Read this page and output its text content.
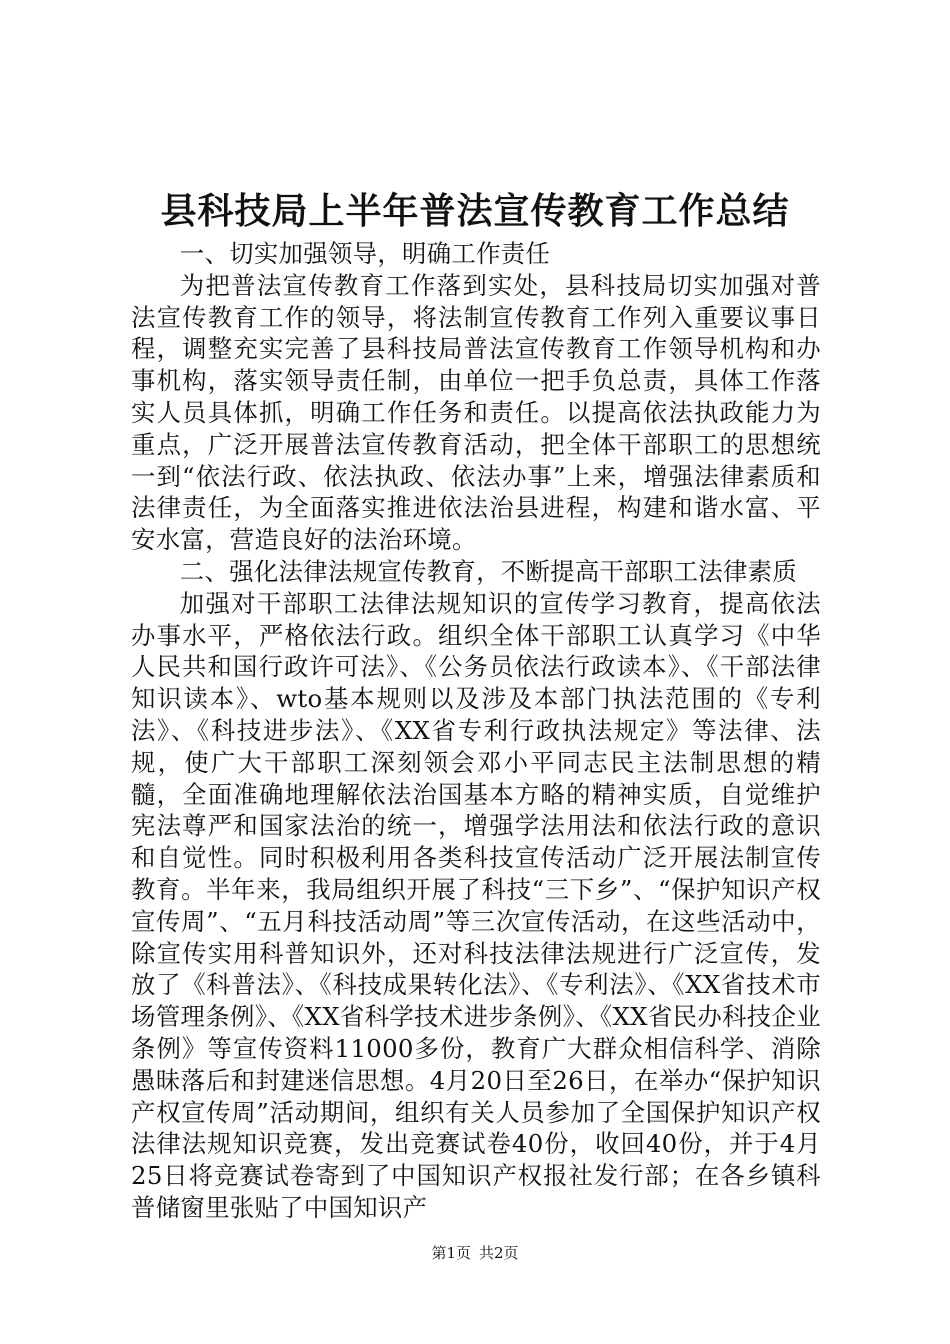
县科技局上半年普法宣传教育工作总结

一、切实加强领导，明确工作责任

为把普法宣传教育工作落到实处，县科技局切实加强对普法宣传教育工作的领导，将法制宣传教育工作列入重要议事日程，调整充实完善了县科技局普法宣传教育工作领导机构和办事机构，落实领导责任制，由单位一把手负总责，具体工作落实人员具体抓，明确工作任务和责任。以提高依法执政能力为重点，广泛开展普法宣传教育活动，把全体干部职工的思想统一到“依法行政、依法执政、依法办事”上来，增强法律素质和法律责任，为全面落实推进依法治县进程，构建和谐水富、平安水富，营造良好的法治环境。

二、强化法律法规宣传教育，不断提高干部职工法律素质

加强对干部职工法律法规知识的宣传学习教育，提高依法办事水平，严格依法行政。组织全体干部职工认真学习《中华人民共和国行政许可法》、《公务员依法行政读本》、《干部法律知识读本》、wto基本规则以及涉及本部门执法范围的《专利法》、《科技进步法》、《XX省专利行政执法规定》等法律、法规，使广大干部职工深刻领会邓小平同志民主法制思想的精髓，全面准确地理解依法治国基本方略的精神实质，自觉维护宪法尊严和国家法治的统一，增强学法用法和依法行政的意识和自觉性。同时积极利用各类科技宣传活动广泛开展法制宣传教育。半年来，我局组织开展了科技“三下乡”、“保护知识产权宣传周”、“五月科技活动周”等三次宣传活动，在这些活动中，除宣传实用科普知识外，还对科技法律法规进行广泛宣传，发放了《科普法》、《科技成果转化法》、《专利法》、《XX省技术市场管理条例》、《XX省科学技术进步条例》、《XX省民办科技企业条例》等宣传资料11000多份，教育广大群众相信科学、消除愚昧落后和封建迷信思想。4月20日至26日，在举办“保护知识产权宣传周”活动期间，组织有关人员参加了全国保护知识产权法律法规知识竞赛，发出竞赛试卷40份，收回40份，并于4月25日将竞赛试卷寄到了中国知识产权报社发行部；在各乡镇科普储窗里张贴了中国知识产

第1页 共2页
